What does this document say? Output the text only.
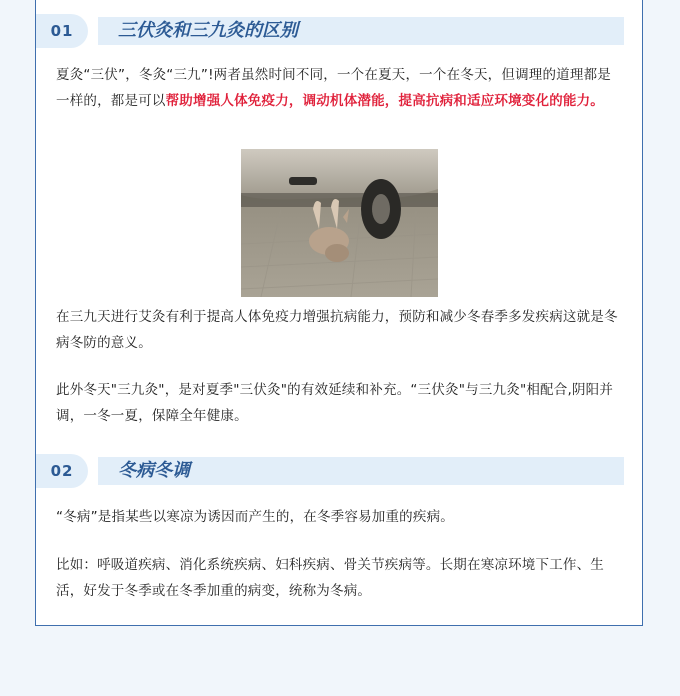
01 三伏灸和三九灸的区别

夏灸“三伏”，冬灸“三九”!两者虽然时间不同，一个在夏天，一个在冬天，但调理的道理都是一样的，都是可以帮助增强人体免疫力，调动机体潜能，提高抗病和适应环境变化的能力。

在三九天进行艾灸有利于提高人体免疫力增强抗病能力，预防和减少冬春季多发疾病这就是冬病冬防的意义。

此外冬天"三九灸"，是对夏季"三伏灸"的有效延续和补充。“三伏灸"与三九灸"相配合,阴阳并调，一冬一夏，保障全年健康。

02 冬病冬调

“冬病”是指某些以寒凉为诱因而产生的，在冬季容易加重的疾病。

比如：呼吸道疾病、消化系统疾病、妇科疾病、骨关节疾病等。长期在寒凉环境下工作、生活，好发于冬季或在冬季加重的病变，统称为冬病。
